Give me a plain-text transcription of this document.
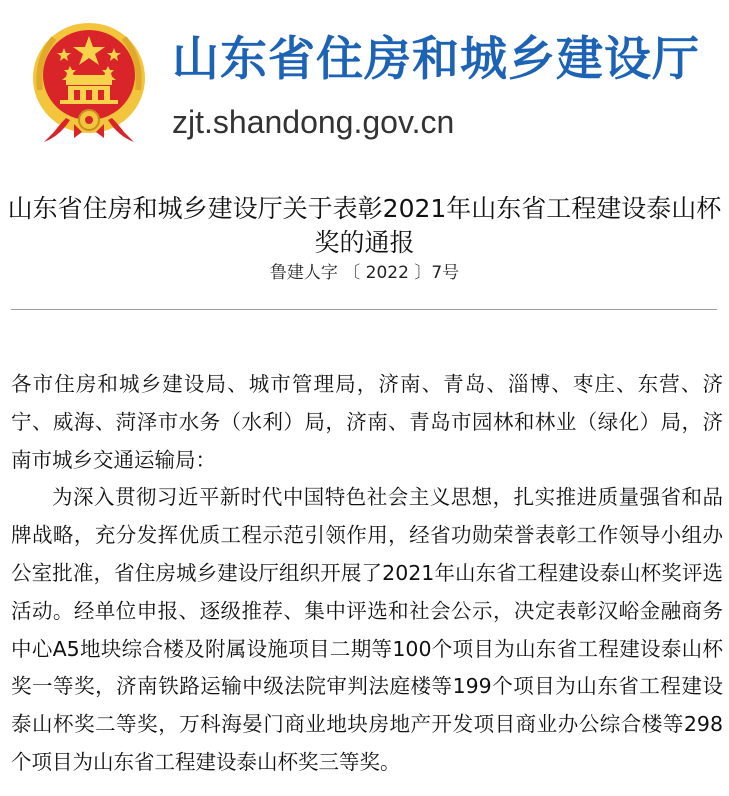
山东省住房和城乡建设厅
zjt.shandong.gov.cn
山东省住房和城乡建设厅关于表彰2021年山东省工程建设泰山杯奖的通报
鲁建人字 〔 2022 〕7号

各市住房和城乡建设局、城市管理局，济南、青岛、淄博、枣庄、东营、济宁、威海、菏泽市水务（水利）局，济南、青岛市园林和林业（绿化）局，济南市城乡交通运输局：

为深入贯彻习近平新时代中国特色社会主义思想，扎实推进质量强省和品牌战略，充分发挥优质工程示范引领作用，经省功勋荣誉表彰工作领导小组办公室批准，省住房城乡建设厅组织开展了2021年山东省工程建设泰山杯奖评选活动。经单位申报、逐级推荐、集中评选和社会公示，决定表彰汉峪金融商务中心A5地块综合楼及附属设施项目二期等100个项目为山东省工程建设泰山杯奖一等奖，济南铁路运输中级法院审判法庭楼等199个项目为山东省工程建设泰山杯奖二等奖，万科海晏门商业地块房地产开发项目商业办公综合楼等298个项目为山东省工程建设泰山杯奖三等奖。
